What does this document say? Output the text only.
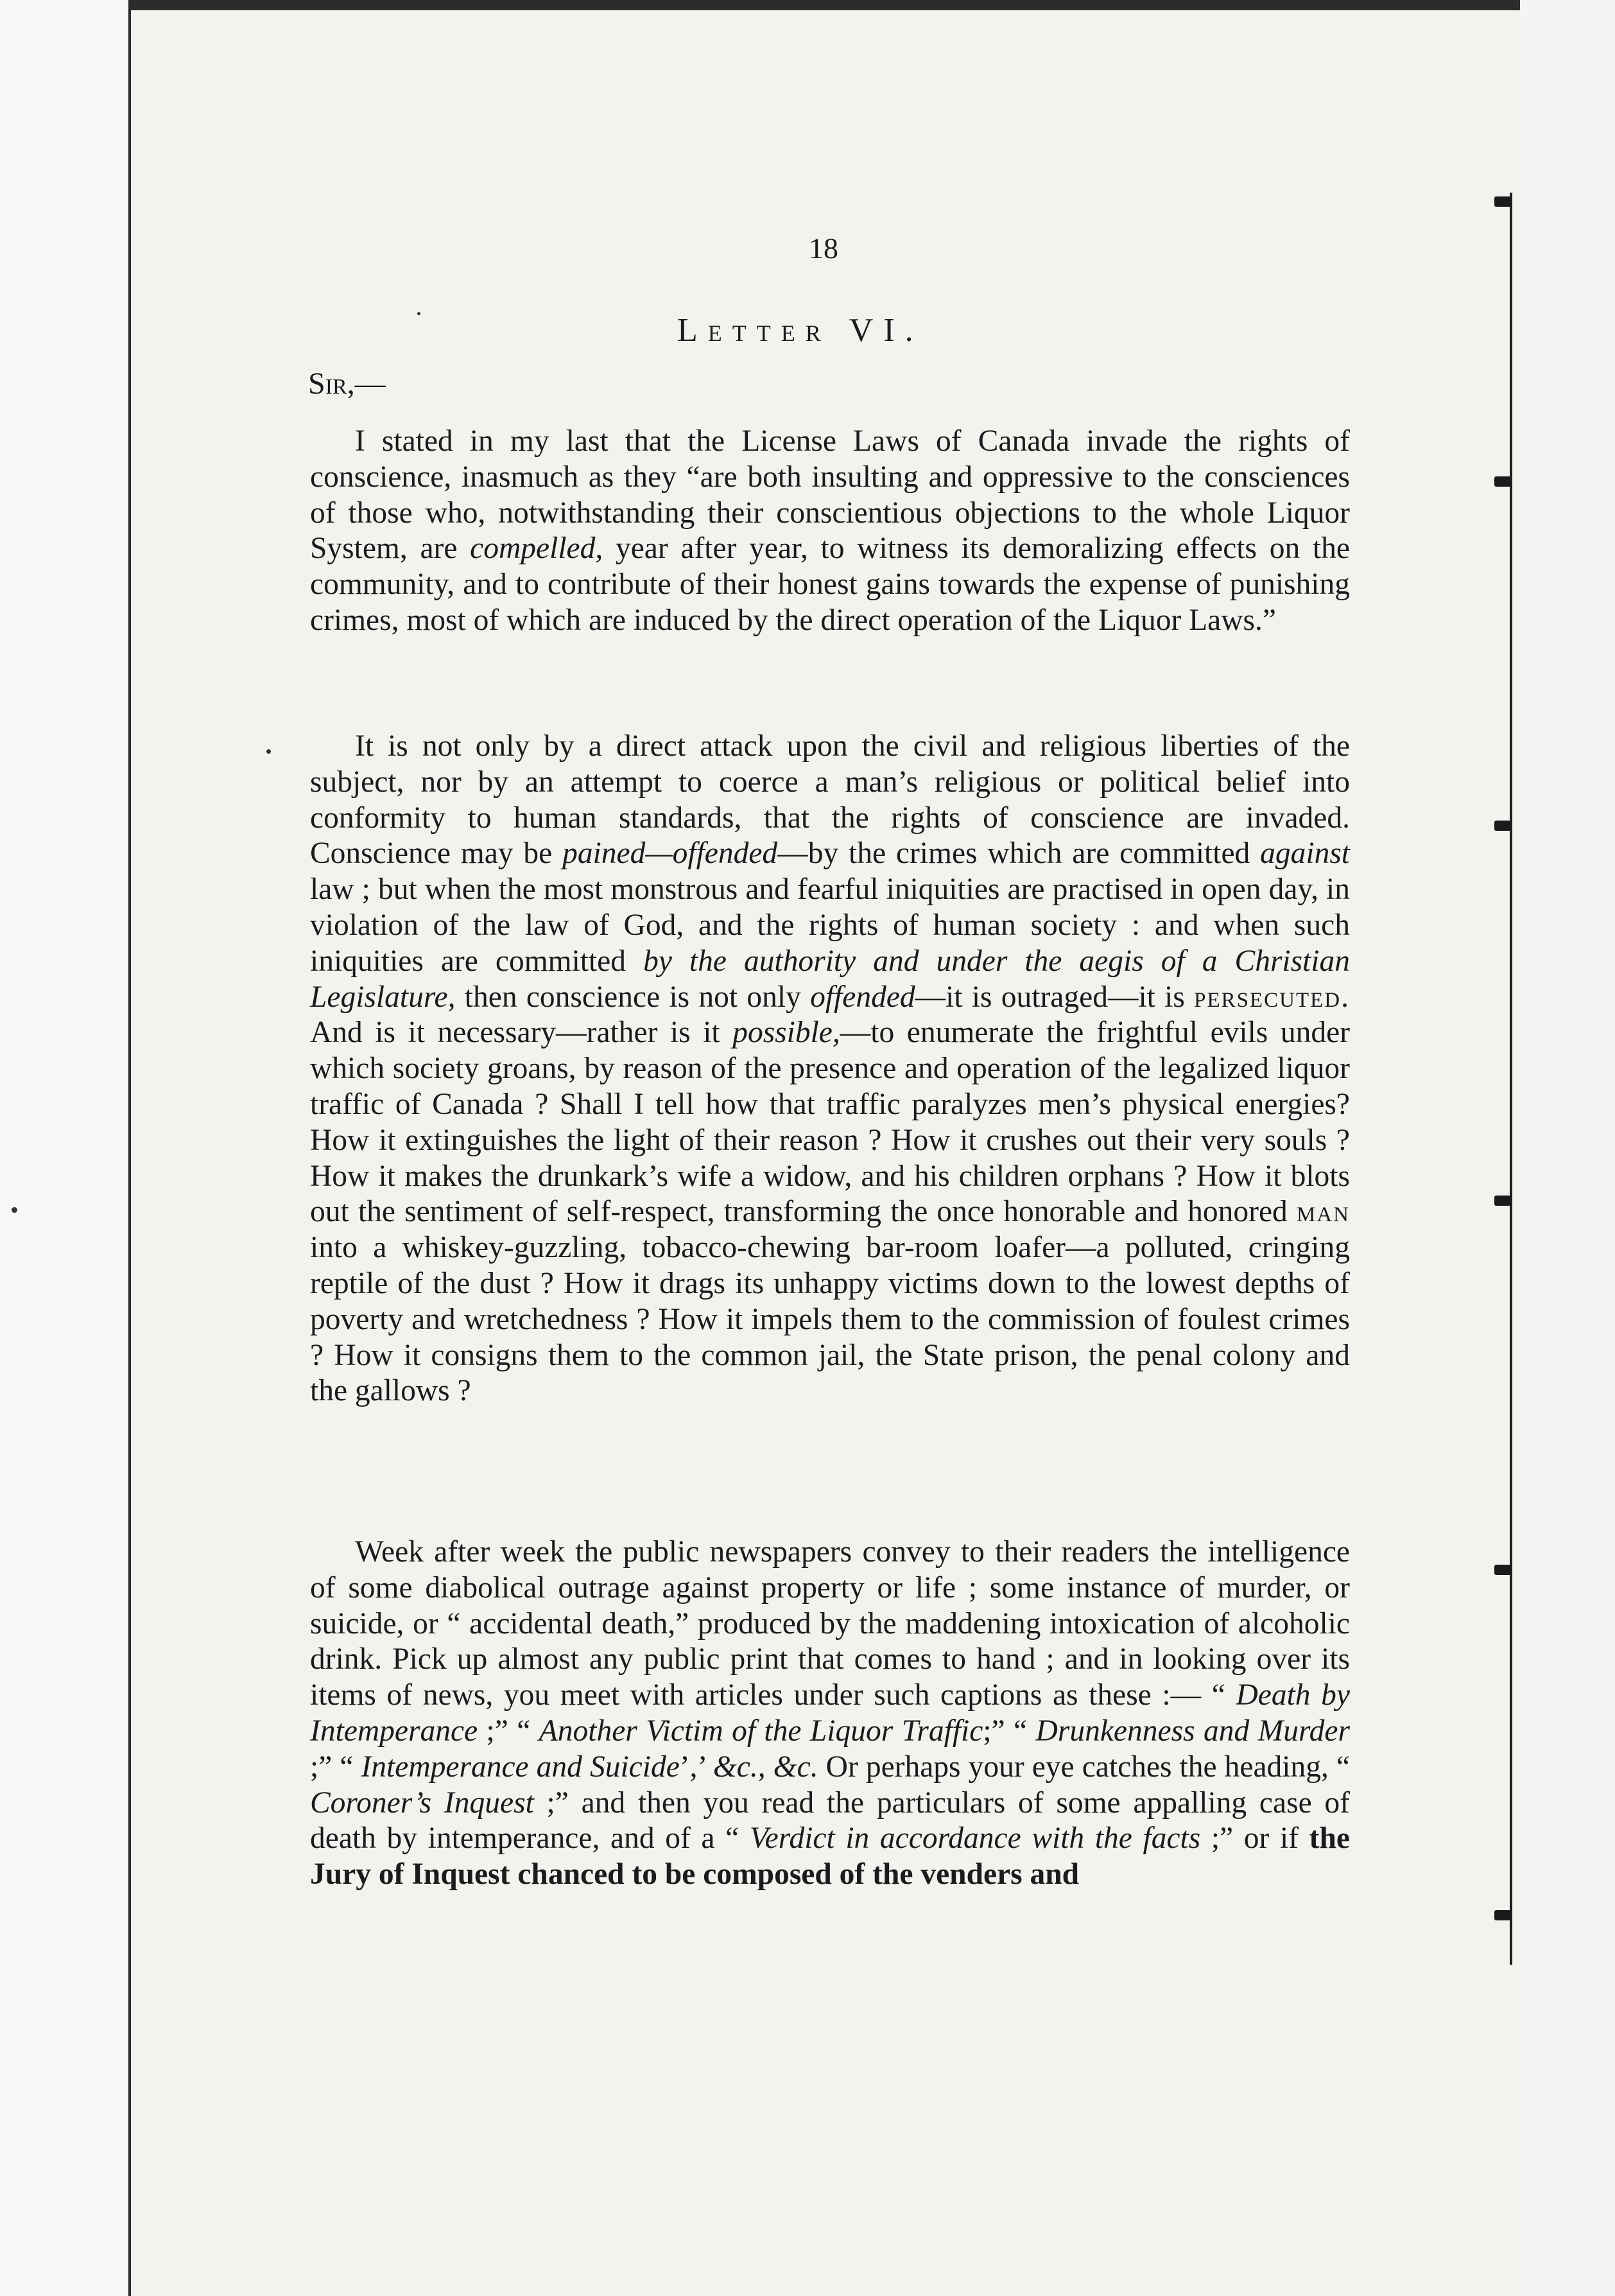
18
Letter VI.
Sir,—

I stated in my last that the License Laws of Canada invade the rights of conscience, inasmuch as they “are both insulting and oppressive to the consciences of those who, notwithstanding their conscientious objections to the whole Liquor System, are compelled, year after year, to witness its demoralizing effects on the community, and to contribute of their honest gains towards the expense of punishing crimes, most of which are induced by the direct operation of the Liquor Laws.”

It is not only by a direct attack upon the civil and religious liberties of the subject, nor by an attempt to coerce a man’s religious or political belief into conformity to human standards, that the rights of conscience are invaded. Conscience may be pained—offended—by the crimes which are committed against law ; but when the most monstrous and fearful iniquities are practised in open day, in violation of the law of God, and the rights of human society : and when such iniquities are committed by the authority and under the aegis of a Christian Legislature, then conscience is not only offended—it is outraged—it is persecuted. And is it necessary—rather is it possible,—to enumerate the frightful evils under which society groans, by reason of the presence and operation of the legalized liquor traffic of Canada ? Shall I tell how that traffic paralyzes men’s physical energies? How it extinguishes the light of their reason ? How it crushes out their very souls ? How it makes the drunkark’s wife a widow, and his children orphans ? How it blots out the sentiment of self-respect, transforming the once honorable and honored man into a whiskey-guzzling, tobacco-chewing bar-room loafer—a polluted, cringing reptile of the dust ? How it drags its unhappy victims down to the lowest depths of poverty and wretchedness ? How it impels them to the commission of foulest crimes ? How it consigns them to the common jail, the State prison, the penal colony and the gallows ?

Week after week the public newspapers convey to their readers the intelligence of some diabolical outrage against property or life ; some instance of murder, or suicide, or “ accidental death,” produced by the maddening intoxication of alcoholic drink. Pick up almost any public print that comes to hand ; and in looking over its items of news, you meet with articles under such captions as these :— “ Death by Intemperance ;” “ Another Victim of the Liquor Traffic;” “ Drunkenness and Murder ;” “ Intemperance and Suicide’,’ &c., &c. Or perhaps your eye catches the heading, “ Coroner’s Inquest ;” and then you read the particulars of some appalling case of death by intemperance, and of a “ Verdict in accordance with the facts ;” or if the Jury of Inquest chanced to be composed of the venders and
